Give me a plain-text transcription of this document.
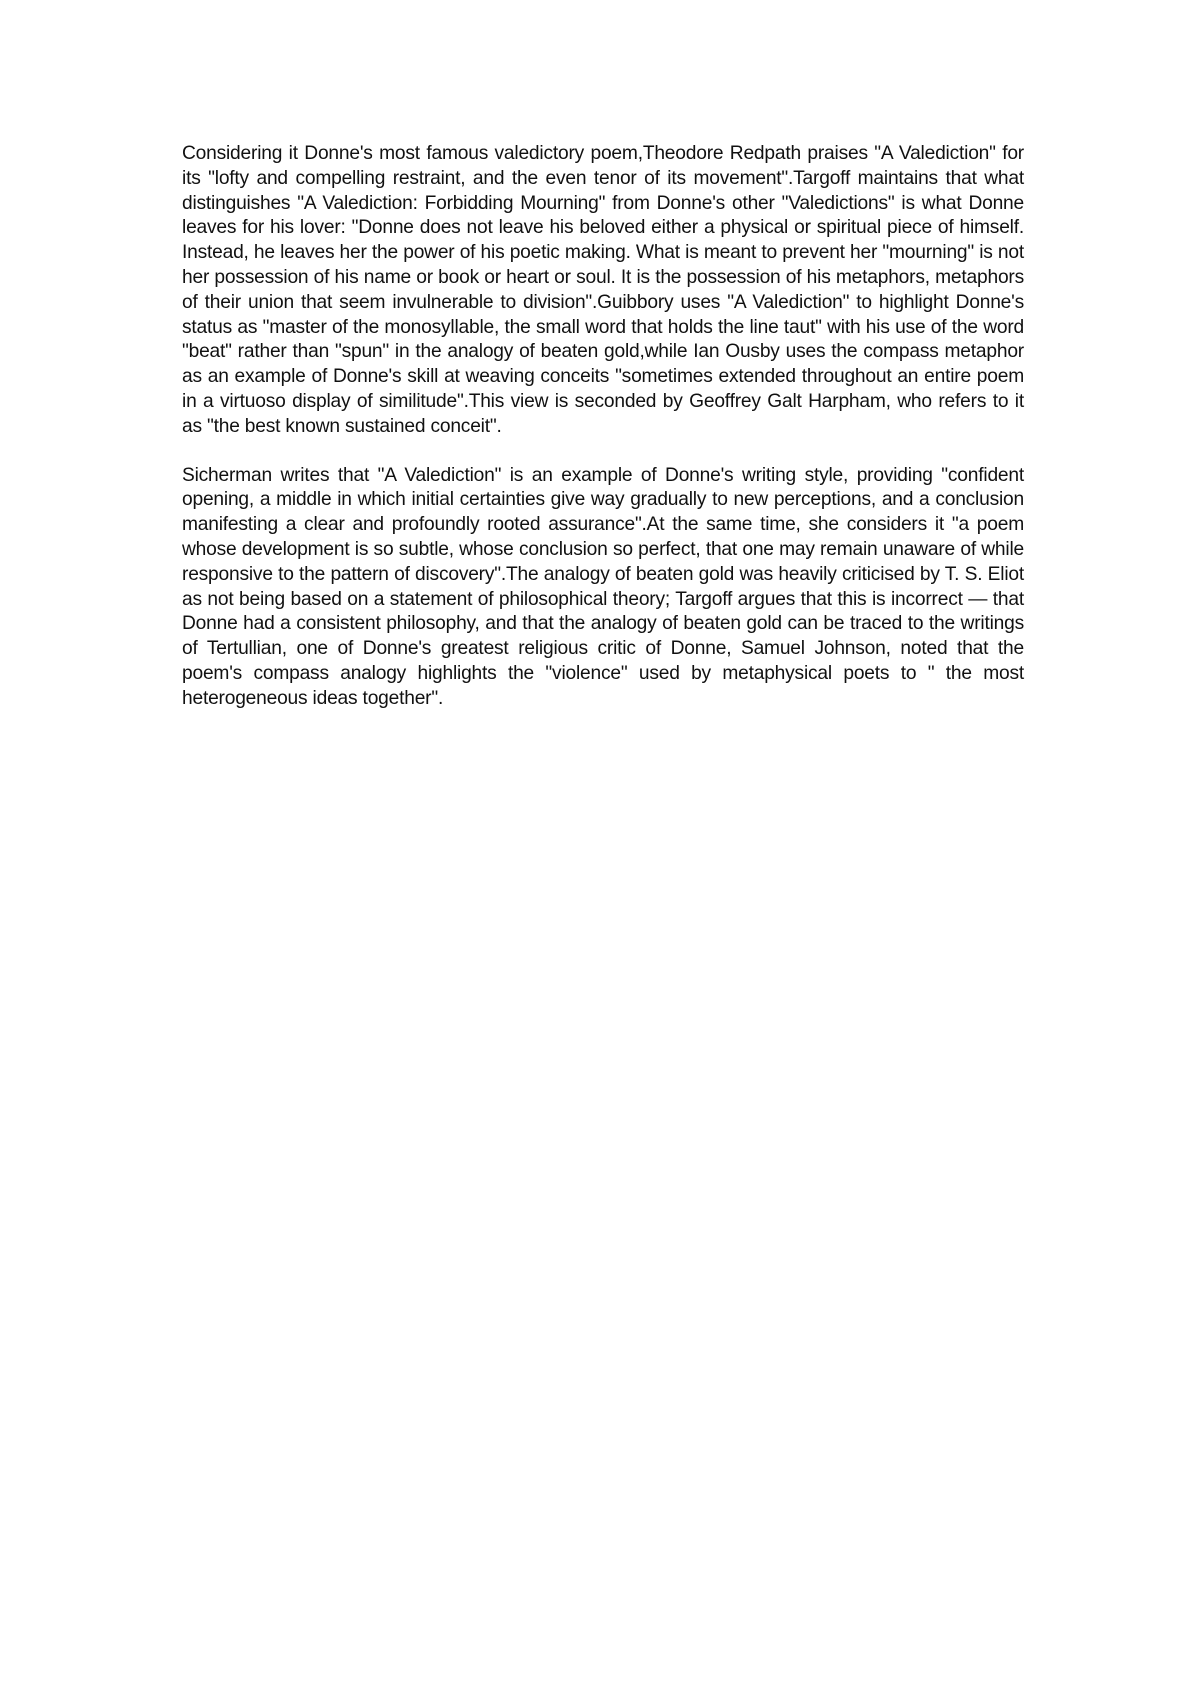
Considering it Donne's most famous valedictory poem,Theodore Redpath praises "A Valediction" for its "lofty and compelling restraint, and the even tenor of its movement".Targoff maintains that what distinguishes "A Valediction: Forbidding Mourning" from Donne's other "Valedictions" is what Donne leaves for his lover: "Donne does not leave his beloved either a physical or spiritual piece of himself. Instead, he leaves her the power of his poetic making. What is meant to prevent her "mourning" is not her possession of his name or book or heart or soul. It is the possession of his metaphors, metaphors of their union that seem invulnerable to division".Guibbory uses "A Valediction" to highlight Donne's status as "master of the monosyllable, the small word that holds the line taut" with his use of the word "beat" rather than "spun" in the analogy of beaten gold,while Ian Ousby uses the compass metaphor as an example of Donne's skill at weaving conceits "sometimes extended throughout an entire poem in a virtuoso display of similitude".This view is seconded by Geoffrey Galt Harpham, who refers to it as "the best known sustained conceit".

Sicherman writes that "A Valediction" is an example of Donne's writing style, providing "confident opening, a middle in which initial certainties give way gradually to new perceptions, and a conclusion manifesting a clear and profoundly rooted assurance".At the same time, she considers it "a poem whose development is so subtle, whose conclusion so perfect, that one may remain unaware of while responsive to the pattern of discovery".The analogy of beaten gold was heavily criticised by T. S. Eliot as not being based on a statement of philosophical theory; Targoff argues that this is incorrect — that Donne had a consistent philosophy, and that the analogy of beaten gold can be traced to the writings of Tertullian, one of Donne's greatest religious critic of Donne, Samuel Johnson, noted that the poem's compass analogy highlights the "violence" used by metaphysical poets to " the most heterogeneous ideas together".
